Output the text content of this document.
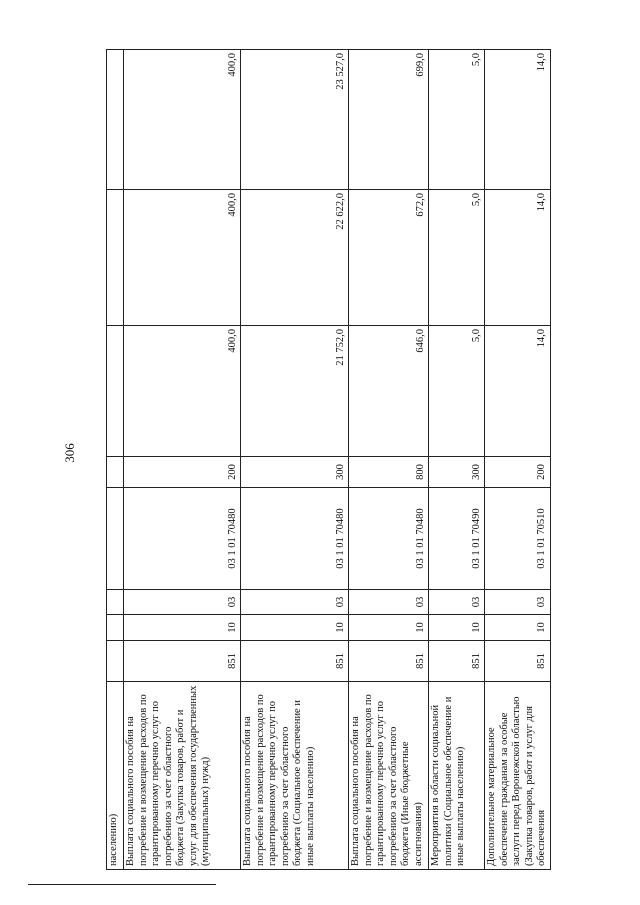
306
населению)								
Выплата социального пособия на погребение и возмещение расходов по гарантированному перечню услуг по погребению за счет областного бюджета (Закупка товаров, работ и услуг для обеспечения государственных (муниципальных) нужд)	851	10	03	03 1 01 70480	200	400,0	400,0	400,0
Выплата социального пособия на погребение и возмещение расходов по гарантированному перечню услуг по погребению за счет областного бюджета (Социальное обеспечение и иные выплаты населению)	851	10	03	03 1 01 70480	300	21 752,0	22 622,0	23 527,0
Выплата социального пособия на погребение и возмещение расходов по гарантированному перечню услуг по погребению за счет областного бюджета (Иные бюджетные ассигнования)	851	10	03	03 1 01 70480	800	646,0	672,0	699,0
Мероприятия в области социальной политики (Социальное обеспечение и иные выплаты населению)	851	10	03	03 1 01 70490	300	5,0	5,0	5,0
Дополнительное материальное обеспечение гражданам за особые заслуги перед Воронежской областью (Закупка товаров, работ и услуг для обеспечения	851	10	03	03 1 01 70510	200	14,0	14,0	14,0
